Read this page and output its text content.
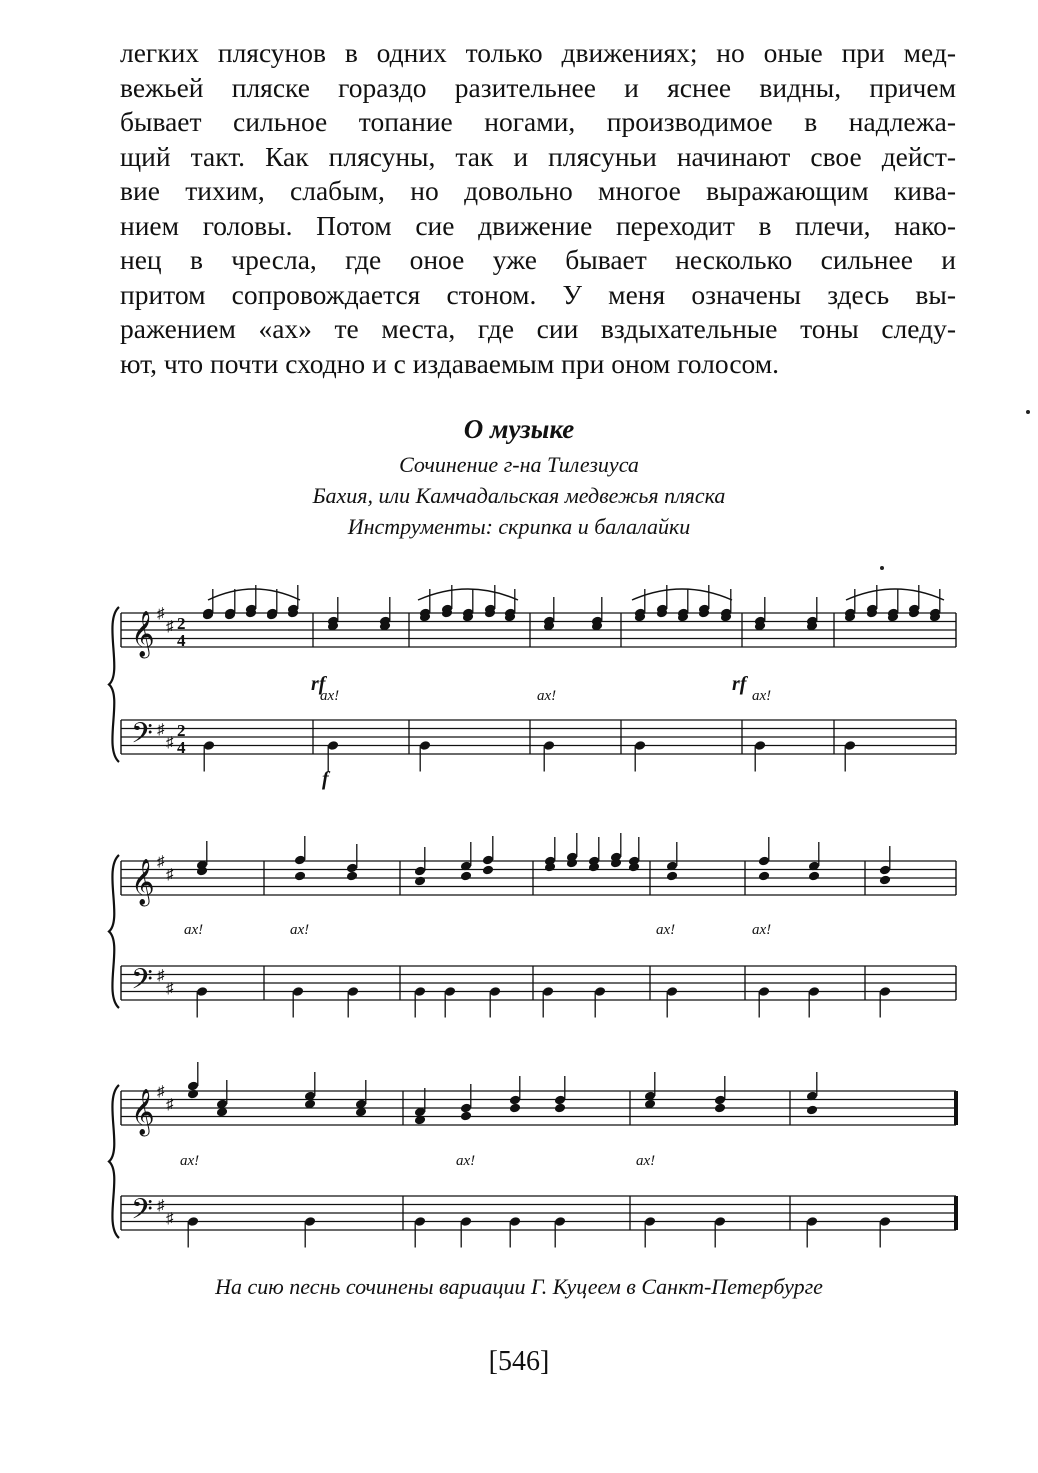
легких плясунов в одних только движениях; но оные при мед-
вежьей пляске гораздо разительнее и яснее видны, причем
бывает сильное топание ногами, производимое в надлежа-
щий такт. Как плясуны, так и плясуньи начинают свое дейст-
вие тихим, слабым, но довольно многое выражающим кива-
нием головы. Потом сие движение переходит в плечи, нако-
нец в чресла, где оное уже бывает несколько сильнее и
притом сопровождается стоном. У меня означены здесь вы-
ражением «ах» те места, где сии вздыхательные тоны следу-
ют, что почти сходно и с издаваемым при оном голосом.
О музыке
Сочинение г-на Тилезиуса
Бахия, или Камчадальская медвежья пляска
Инструменты: скрипка и балалайки
𝄞 ♯
♯ 2
4
𝄢 ♯
♯
2
4
rf
ax!	ax!
rf
ax!
f
𝄞 ♯
♯
𝄢 ♯
♯
ax!	ax!	ax!	ax!
𝄞 ♯
♯
𝄢 ♯
♯
ax!	ax!	ax!
На сию песнь сочинены вариации Г. Куцеем в Санкт-Петербурге
[546]
